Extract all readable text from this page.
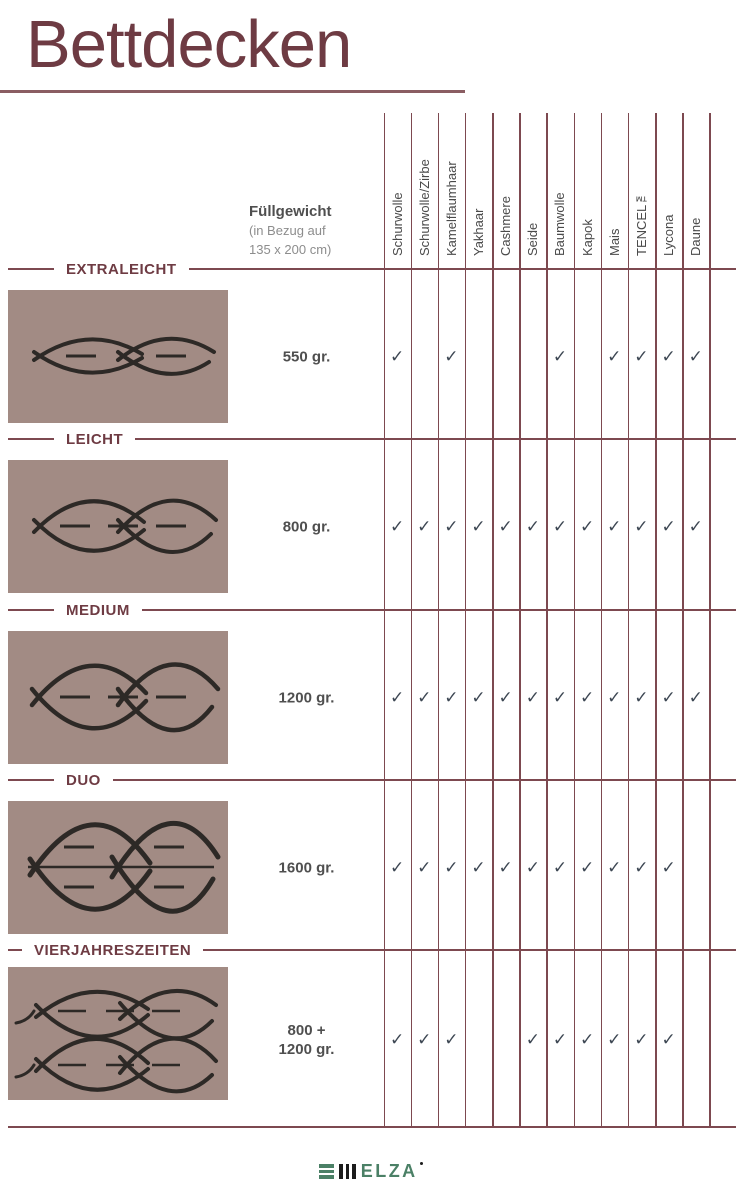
Bettdecken
Schurwolle Schurwolle/Zirbe Kamelflaumhaar Yakhaar Cashmere Seide Baumwolle Kapok Mais TENCEL™ Lycona Daune
Füllgewicht
(in Bezug auf
135 x 200 cm)
EXTRALEICHT
550 gr.
LEICHT
800 gr.
MEDIUM
1200 gr.
DUO
1600 gr.
VIERJAHRESZEITEN
800 +
1200 gr.
✓ ✓	✓ ✓ ✓ ✓ ✓
✓ ✓ ✓ ✓ ✓ ✓ ✓ ✓ ✓ ✓ ✓ ✓
✓ ✓ ✓ ✓ ✓ ✓ ✓ ✓ ✓ ✓ ✓ ✓
✓ ✓ ✓ ✓ ✓ ✓ ✓ ✓ ✓ ✓ ✓
✓ ✓ ✓	✓ ✓ ✓ ✓ ✓ ✓
ELZA
